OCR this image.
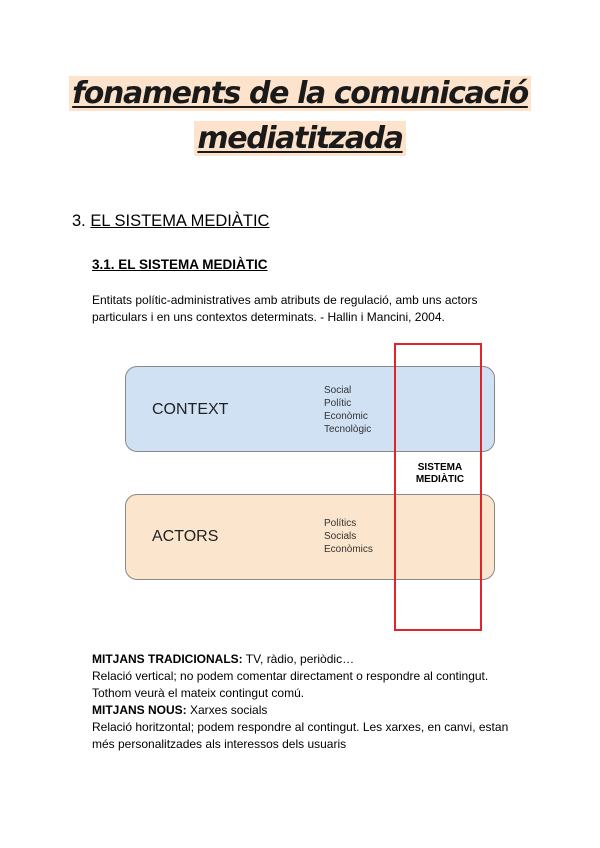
fonaments de la comunicació
mediatitzada
3. EL SISTEMA MEDIÀTIC
3.1. EL SISTEMA MEDIÀTIC
Entitats polític-administratives amb atributs de regulació, amb uns actors
particulars i en uns contextos determinats. - Hallin i Mancini, 2004.
CONTEXT
Social
Polític
Econòmic
Tecnològic
ACTORS
Polítics
Socials
Econòmics
SISTEMA
MEDIÀTIC
MITJANS TRADICIONALS: TV, ràdio, periòdic…
Relació vertical; no podem comentar directament o respondre al contingut.
Tothom veurà el mateix contingut comú.
MITJANS NOUS: Xarxes socials
Relació horitzontal; podem respondre al contingut. Les xarxes, en canvi, estan
més personalitzades als interessos dels usuaris
